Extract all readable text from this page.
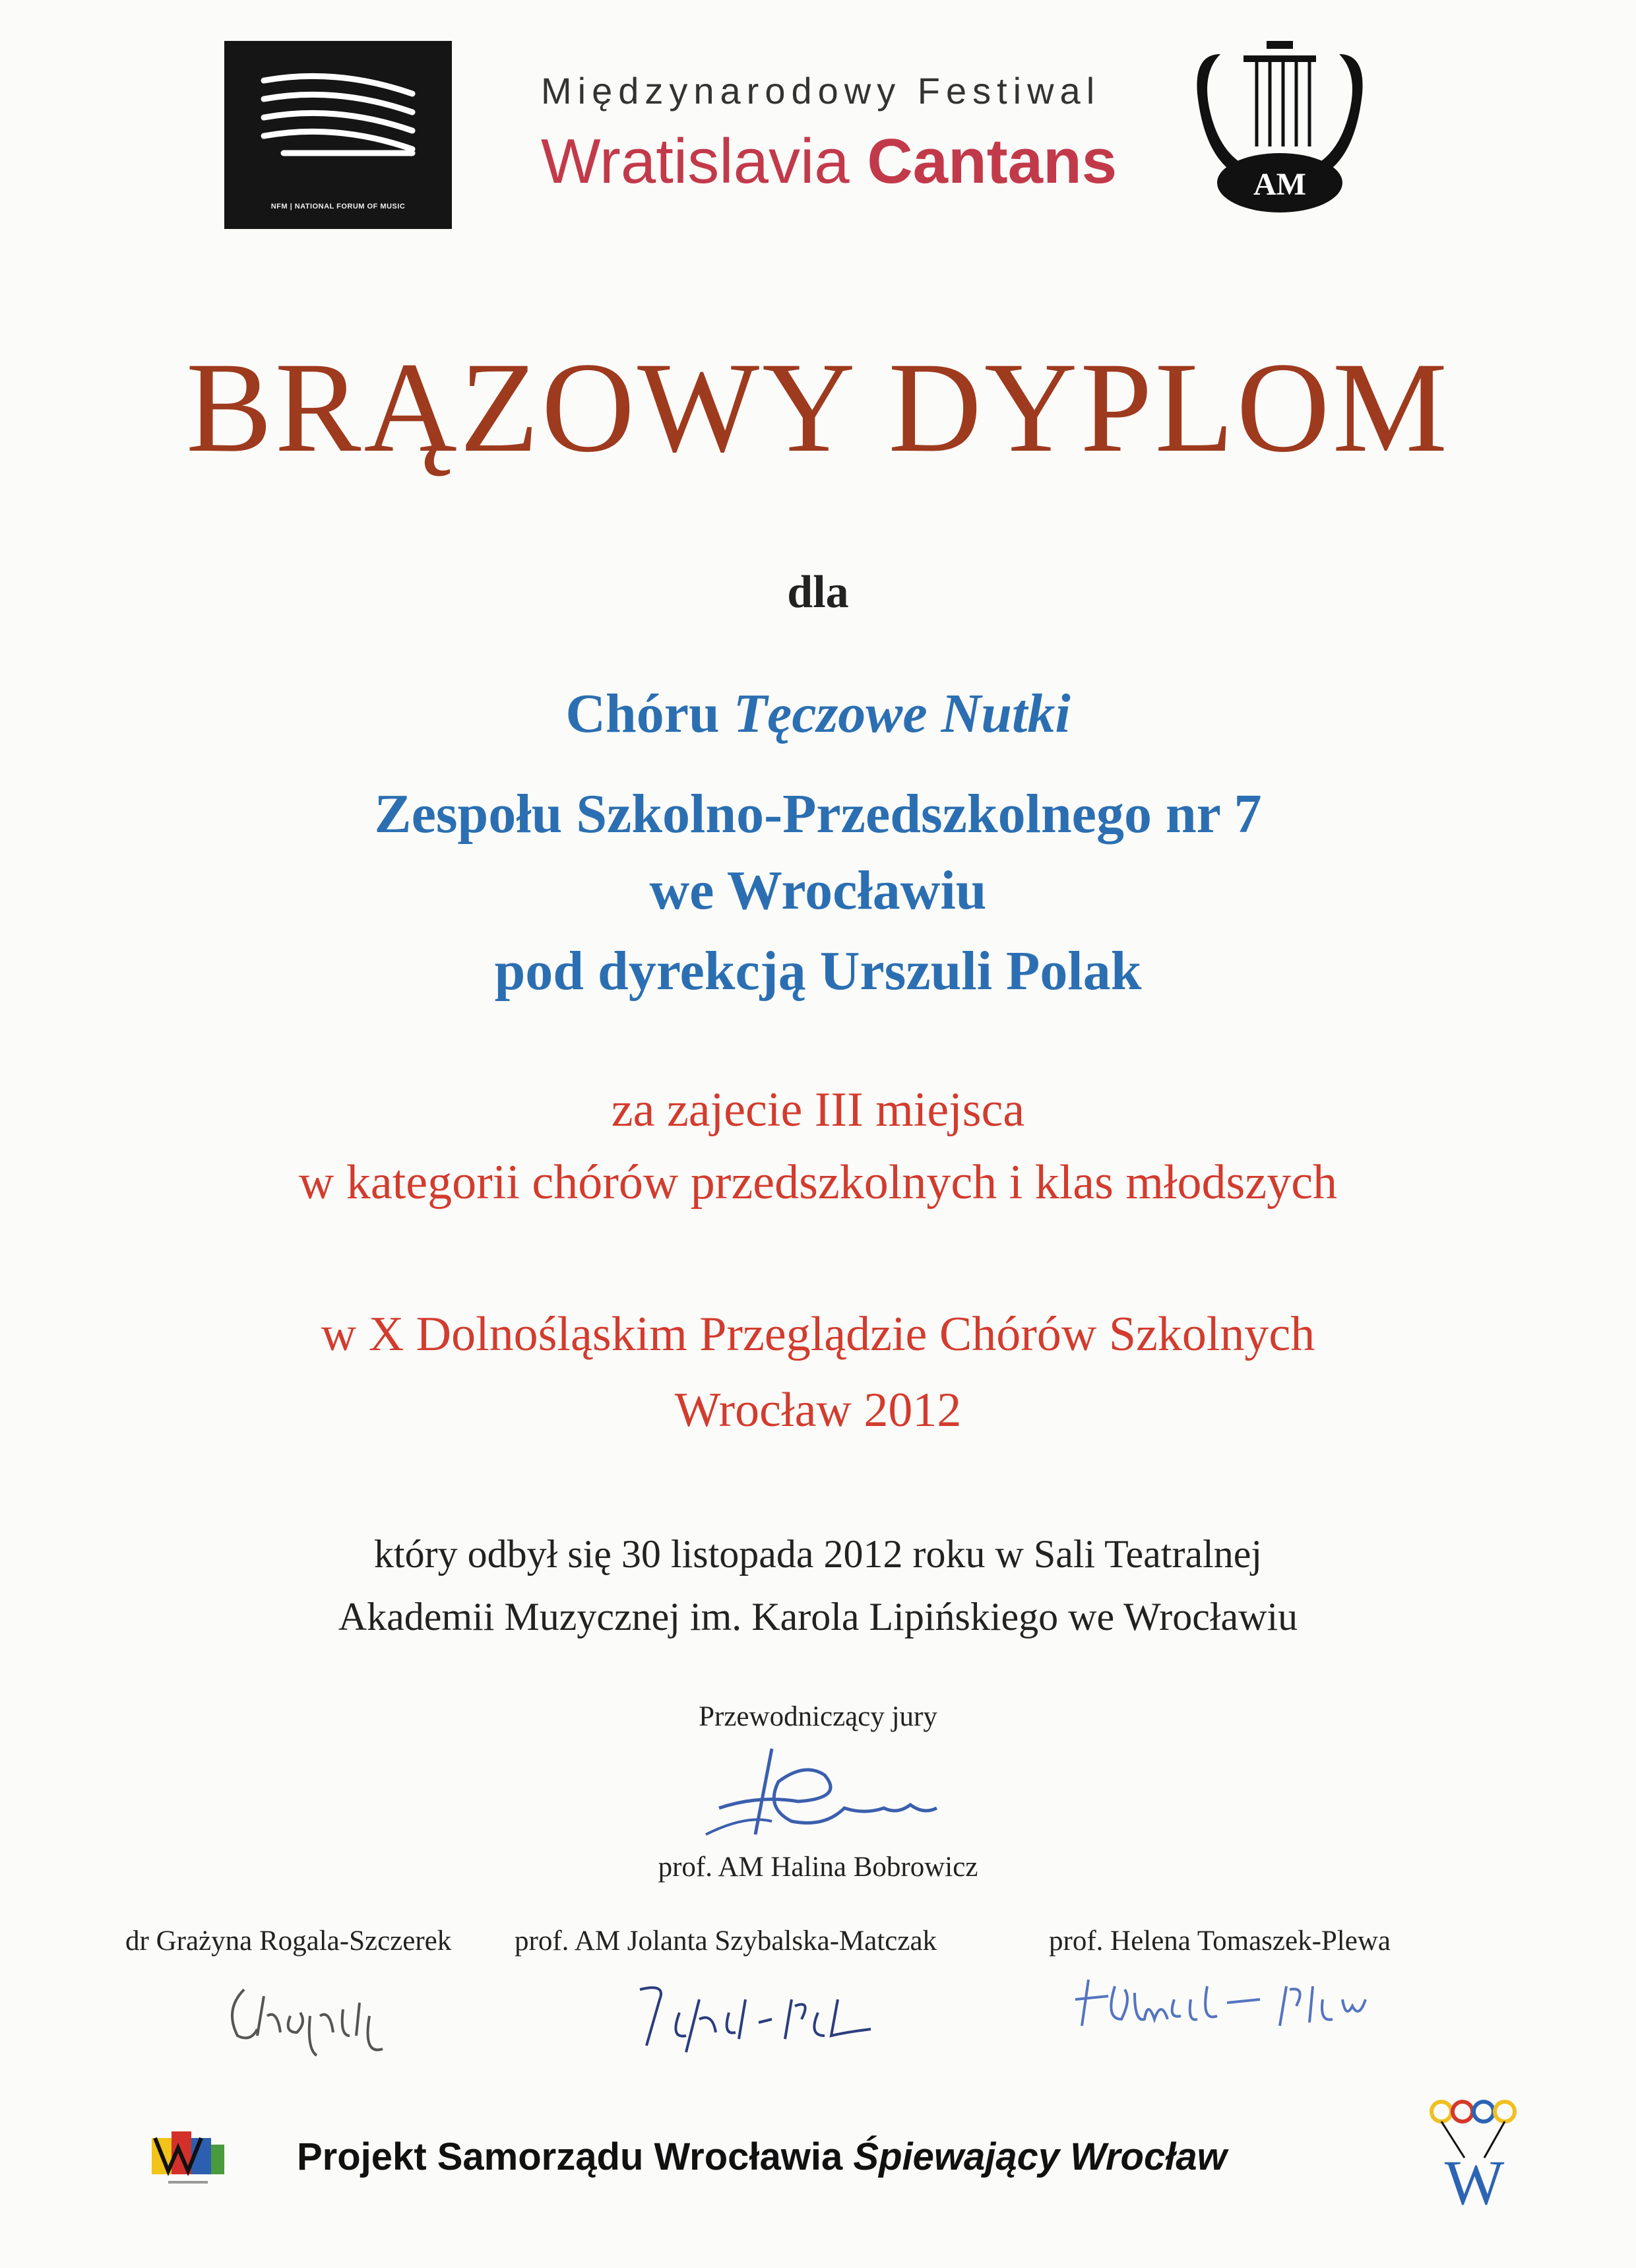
NFM | NATIONAL FORUM OF MUSIC
Międzynarodowy Festiwal
Wratislavia Cantans	AM
BRĄZOWY DYPLOM
dla
Chóru Tęczowe Nutki
Zespołu Szkolno-Przedszkolnego nr 7
we Wrocławiu
pod dyrekcją Urszuli Polak
za zajecie III miejsca
w kategorii chórów przedszkolnych i klas młodszych
w X Dolnośląskim Przeglądzie Chórów Szkolnych
Wrocław 2012
który odbył się 30 listopada 2012 roku w Sali Teatralnej
Akademii Muzycznej im. Karola Lipińskiego we Wrocławiu
Przewodniczący jury
prof. AM Halina Bobrowicz
dr Grażyna Rogala-Szczerek prof. AM Jolanta Szybalska-Matczak	prof. Helena Tomaszek-Plewa
Projekt Samorządu Wrocławia Śpiewający Wrocław	W
